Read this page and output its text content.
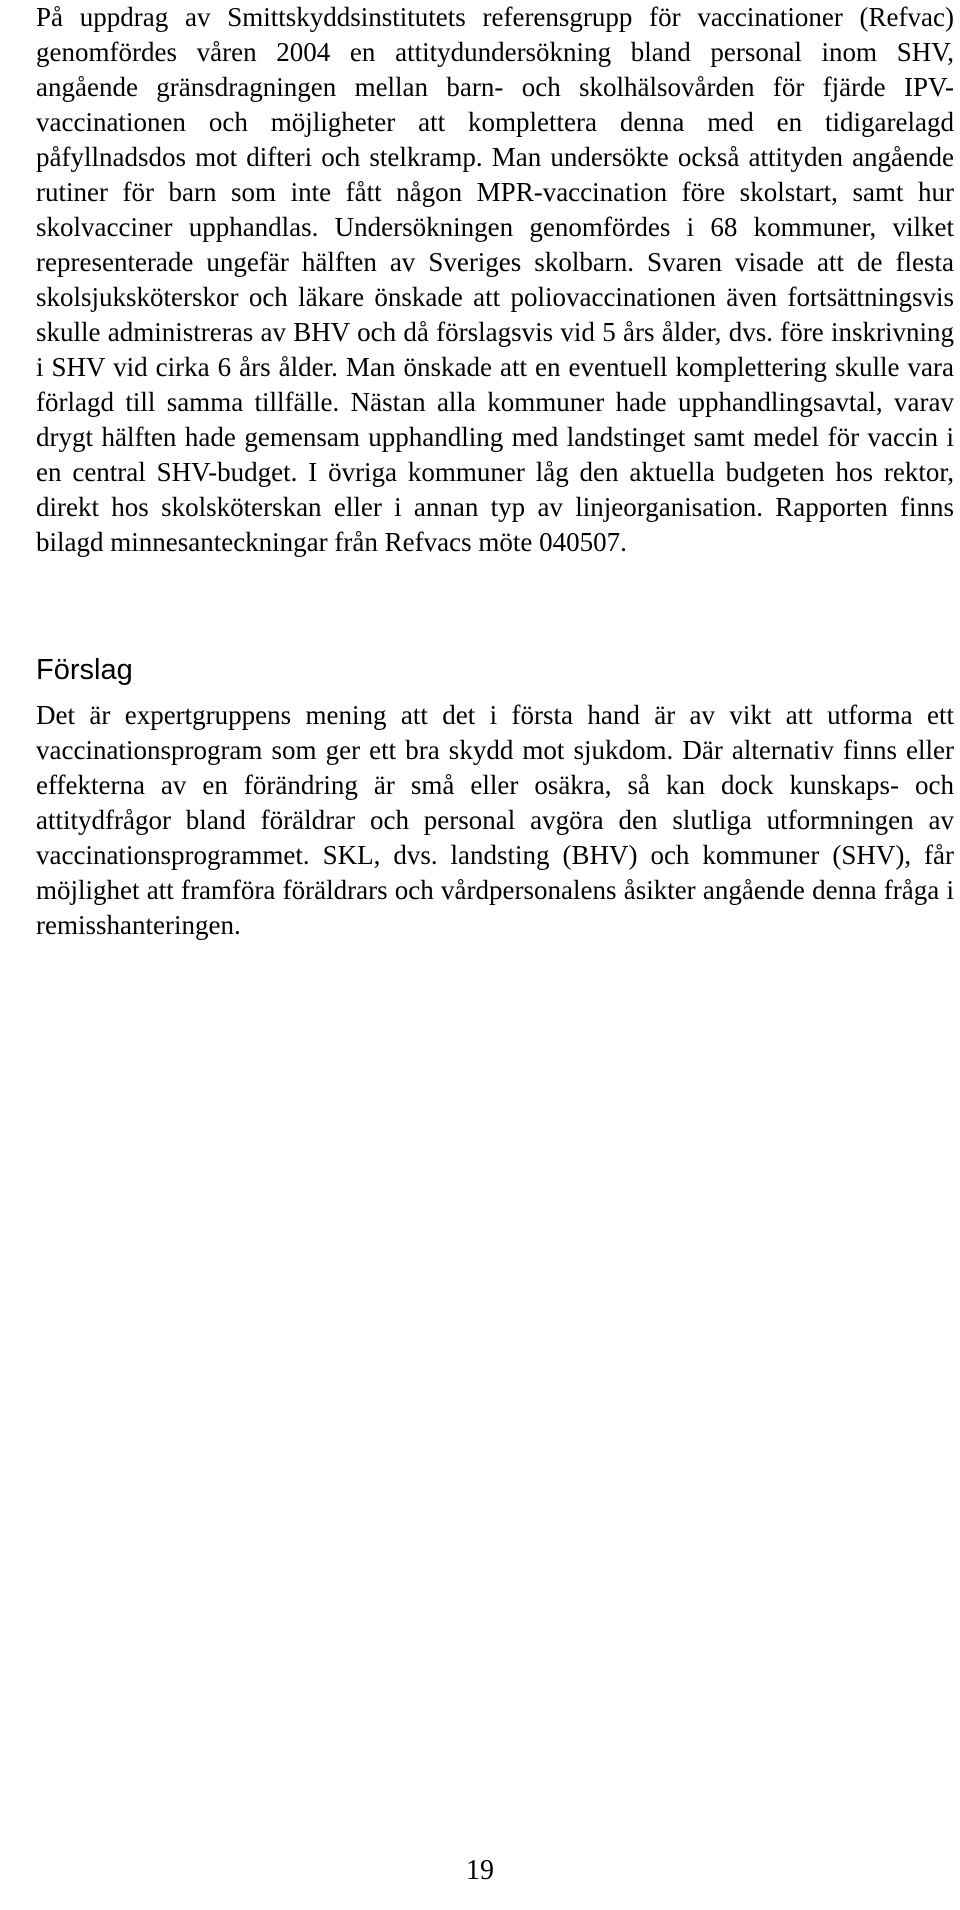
På uppdrag av Smittskyddsinstitutets referensgrupp för vaccinationer (Refvac) genomfördes våren 2004 en attitydundersökning bland personal inom SHV, angående gränsdragningen mellan barn- och skolhälsovården för fjärde IPV-vaccinationen och möjligheter att komplettera denna med en tidigarelagd påfyllnadsdos mot difteri och stelkramp. Man undersökte också attityden angående rutiner för barn som inte fått någon MPR-vaccination före skolstart, samt hur skolvacciner upphandlas. Undersökningen genomfördes i 68 kommuner, vilket representerade ungefär hälften av Sveriges skolbarn. Svaren visade att de flesta skolsjuksköterskor och läkare önskade att poliovaccinationen även fortsättningsvis skulle administreras av BHV och då förslagsvis vid 5 års ålder, dvs. före inskrivning i SHV vid cirka 6 års ålder. Man önskade att en eventuell komplettering skulle vara förlagd till samma tillfälle. Nästan alla kommuner hade upphandlingsavtal, varav drygt hälften hade gemensam upphandling med landstinget samt medel för vaccin i en central SHV-budget. I övriga kommuner låg den aktuella budgeten hos rektor, direkt hos skolsköterskan eller i annan typ av linjeorganisation. Rapporten finns bilagd minnesanteckningar från Refvacs möte 040507.

Förslag

Det är expertgruppens mening att det i första hand är av vikt att utforma ett vaccinationsprogram som ger ett bra skydd mot sjukdom. Där alternativ finns eller effekterna av en förändring är små eller osäkra, så kan dock kunskaps- och attitydfrågor bland föräldrar och personal avgöra den slutliga utformningen av vaccinationsprogrammet. SKL, dvs. landsting (BHV) och kommuner (SHV), får möjlighet att framföra föräldrars och vårdpersonalens åsikter angående denna fråga i remisshanteringen.

19
